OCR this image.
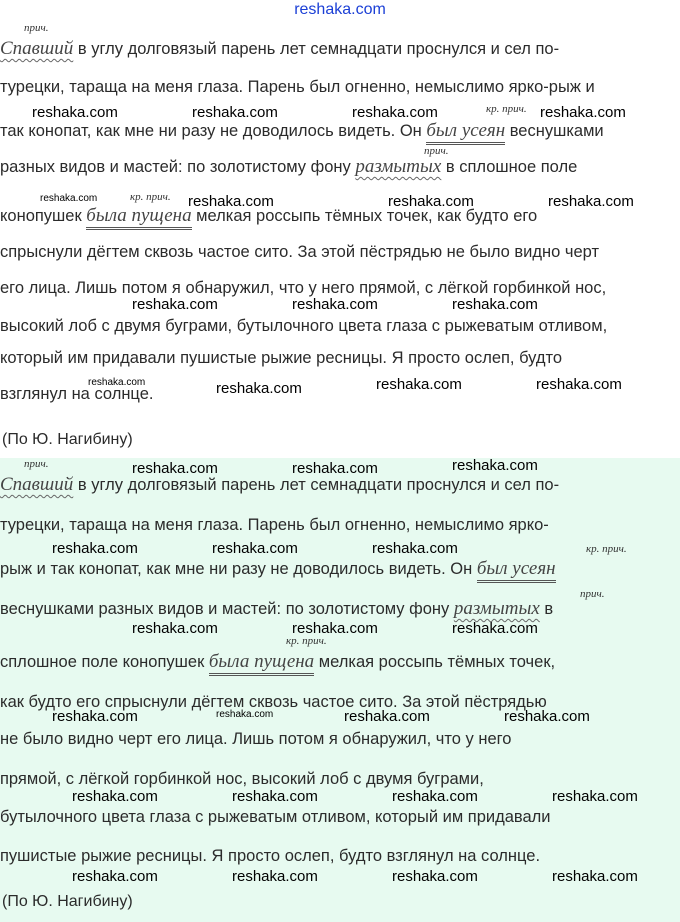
reshaka.com
прич.
Спавший в углу долговязый парень лет семнадцати проснулся и сел по-
турецки, тараща на меня глаза. Парень был огненно, немыслимо ярко-рыж и
кр. прич.
так конопат, как мне ни разу не доводилось видеть. Он был усеян веснушками
прич.
разных видов и мастей: по золотистому фону размытых в сплошное поле
кр. прич.
конопушек была пущена мелкая россыпь тёмных точек, как будто его
спрыснули дёгтем сквозь частое сито. За этой пёстрядью не было видно черт
его лица. Лишь потом я обнаружил, что у него прямой, с лёгкой горбинкой нос,
высокий лоб с двумя буграми, бутылочного цвета глаза с рыжеватым отливом,
который им придавали пушистые рыжие ресницы. Я просто ослеп, будто
взглянул на солнце.
(По Ю. Нагибину)
прич.
Спавший в углу долговязый парень лет семнадцати проснулся и сел по-
турецки, тараща на меня глаза. Парень был огненно, немыслимо ярко-
кр. прич.
рыж и так конопат, как мне ни разу не доводилось видеть. Он был усеян
прич.
веснушками разных видов и мастей: по золотистому фону размытых в
кр. прич.
сплошное поле конопушек была пущена мелкая россыпь тёмных точек,
как будто его спрыснули дёгтем сквозь частое сито. За этой пёстрядью
не было видно черт его лица. Лишь потом я обнаружил, что у него
прямой, с лёгкой горбинкой нос, высокий лоб с двумя буграми,
бутылочного цвета глаза с рыжеватым отливом, который им придавали
пушистые рыжие ресницы. Я просто ослеп, будто взглянул на солнце.
(По Ю. Нагибину)
reshaka.com	reshaka.com	reshaka.com	reshaka.com
reshaka.com	reshaka.com	reshaka.com	reshaka.com
reshaka.com	reshaka.com	reshaka.com
reshaka.com	reshaka.com	reshaka.com	reshaka.com
reshaka.com	reshaka.com	reshaka.com
reshaka.com	reshaka.com	reshaka.com
reshaka.com	reshaka.com	reshaka.com
reshaka.com	reshaka.com	reshaka.com	reshaka.com
reshaka.com	reshaka.com	reshaka.com	reshaka.com
reshaka.com	reshaka.com	reshaka.com	reshaka.com
